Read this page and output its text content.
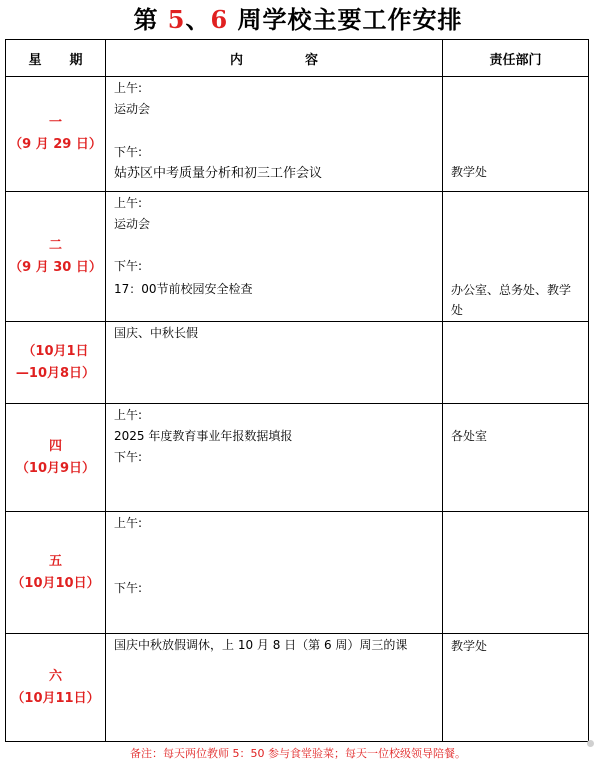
第 5、6 周学校主要工作安排
星期	内容	责任部门

一
（9 月 29 日）	上午:
运动会
下午:
姑苏区中考质量分析和初三工作会议	教学处

二
（9 月 30 日）	上午:
运动会
下午:
17：00节前校园安全检查	办公室、总务处、教学
处

（10月1日
—10月8日）	国庆、中秋长假	

四
（10月9日）	上午:
2025 年度教育事业年报数据填报
下午:	各处室

五
（10月10日）	上午:
下午:	

六
（10月11日）	国庆中秋放假调休，上 10 月 8 日（第 6 周）周三的课	教学处
备注：每天两位教师 5：50 参与食堂验菜；每天一位校级领导陪餐。
